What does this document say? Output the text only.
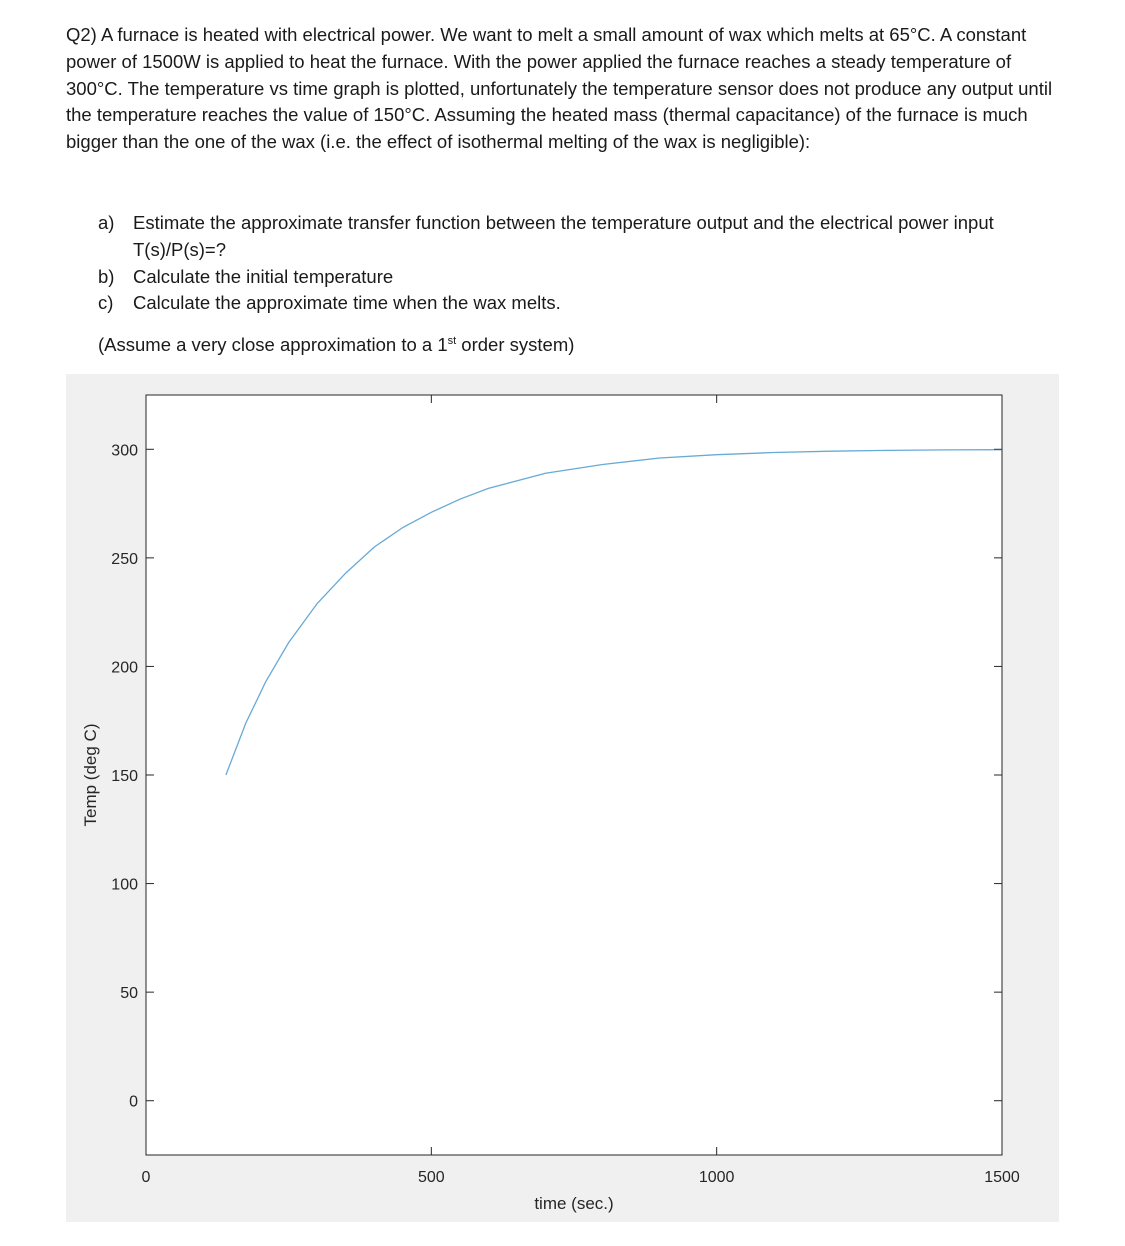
Q2) A furnace is heated with electrical power. We want to melt a small amount of wax which melts at 65°C. A constant power of 1500W is applied to heat the furnace. With the power applied the furnace reaches a steady temperature of 300°C. The temperature vs time graph is plotted, unfortunately the temperature sensor does not produce any output until the temperature reaches the value of 150°C. Assuming the heated mass (thermal capacitance) of the furnace is much bigger than the one of the wax (i.e. the effect of isothermal melting of the wax is negligible):
a) Estimate the approximate transfer function between the temperature output and the electrical power input T(s)/P(s)=?
b) Calculate the initial temperature
c) Calculate the approximate time when the wax melts.
(Assume a very close approximation to a 1st order system)
0	500	1000	1500
0
50
100
150
200
250
300
time (sec.)
Temp (deg C)
